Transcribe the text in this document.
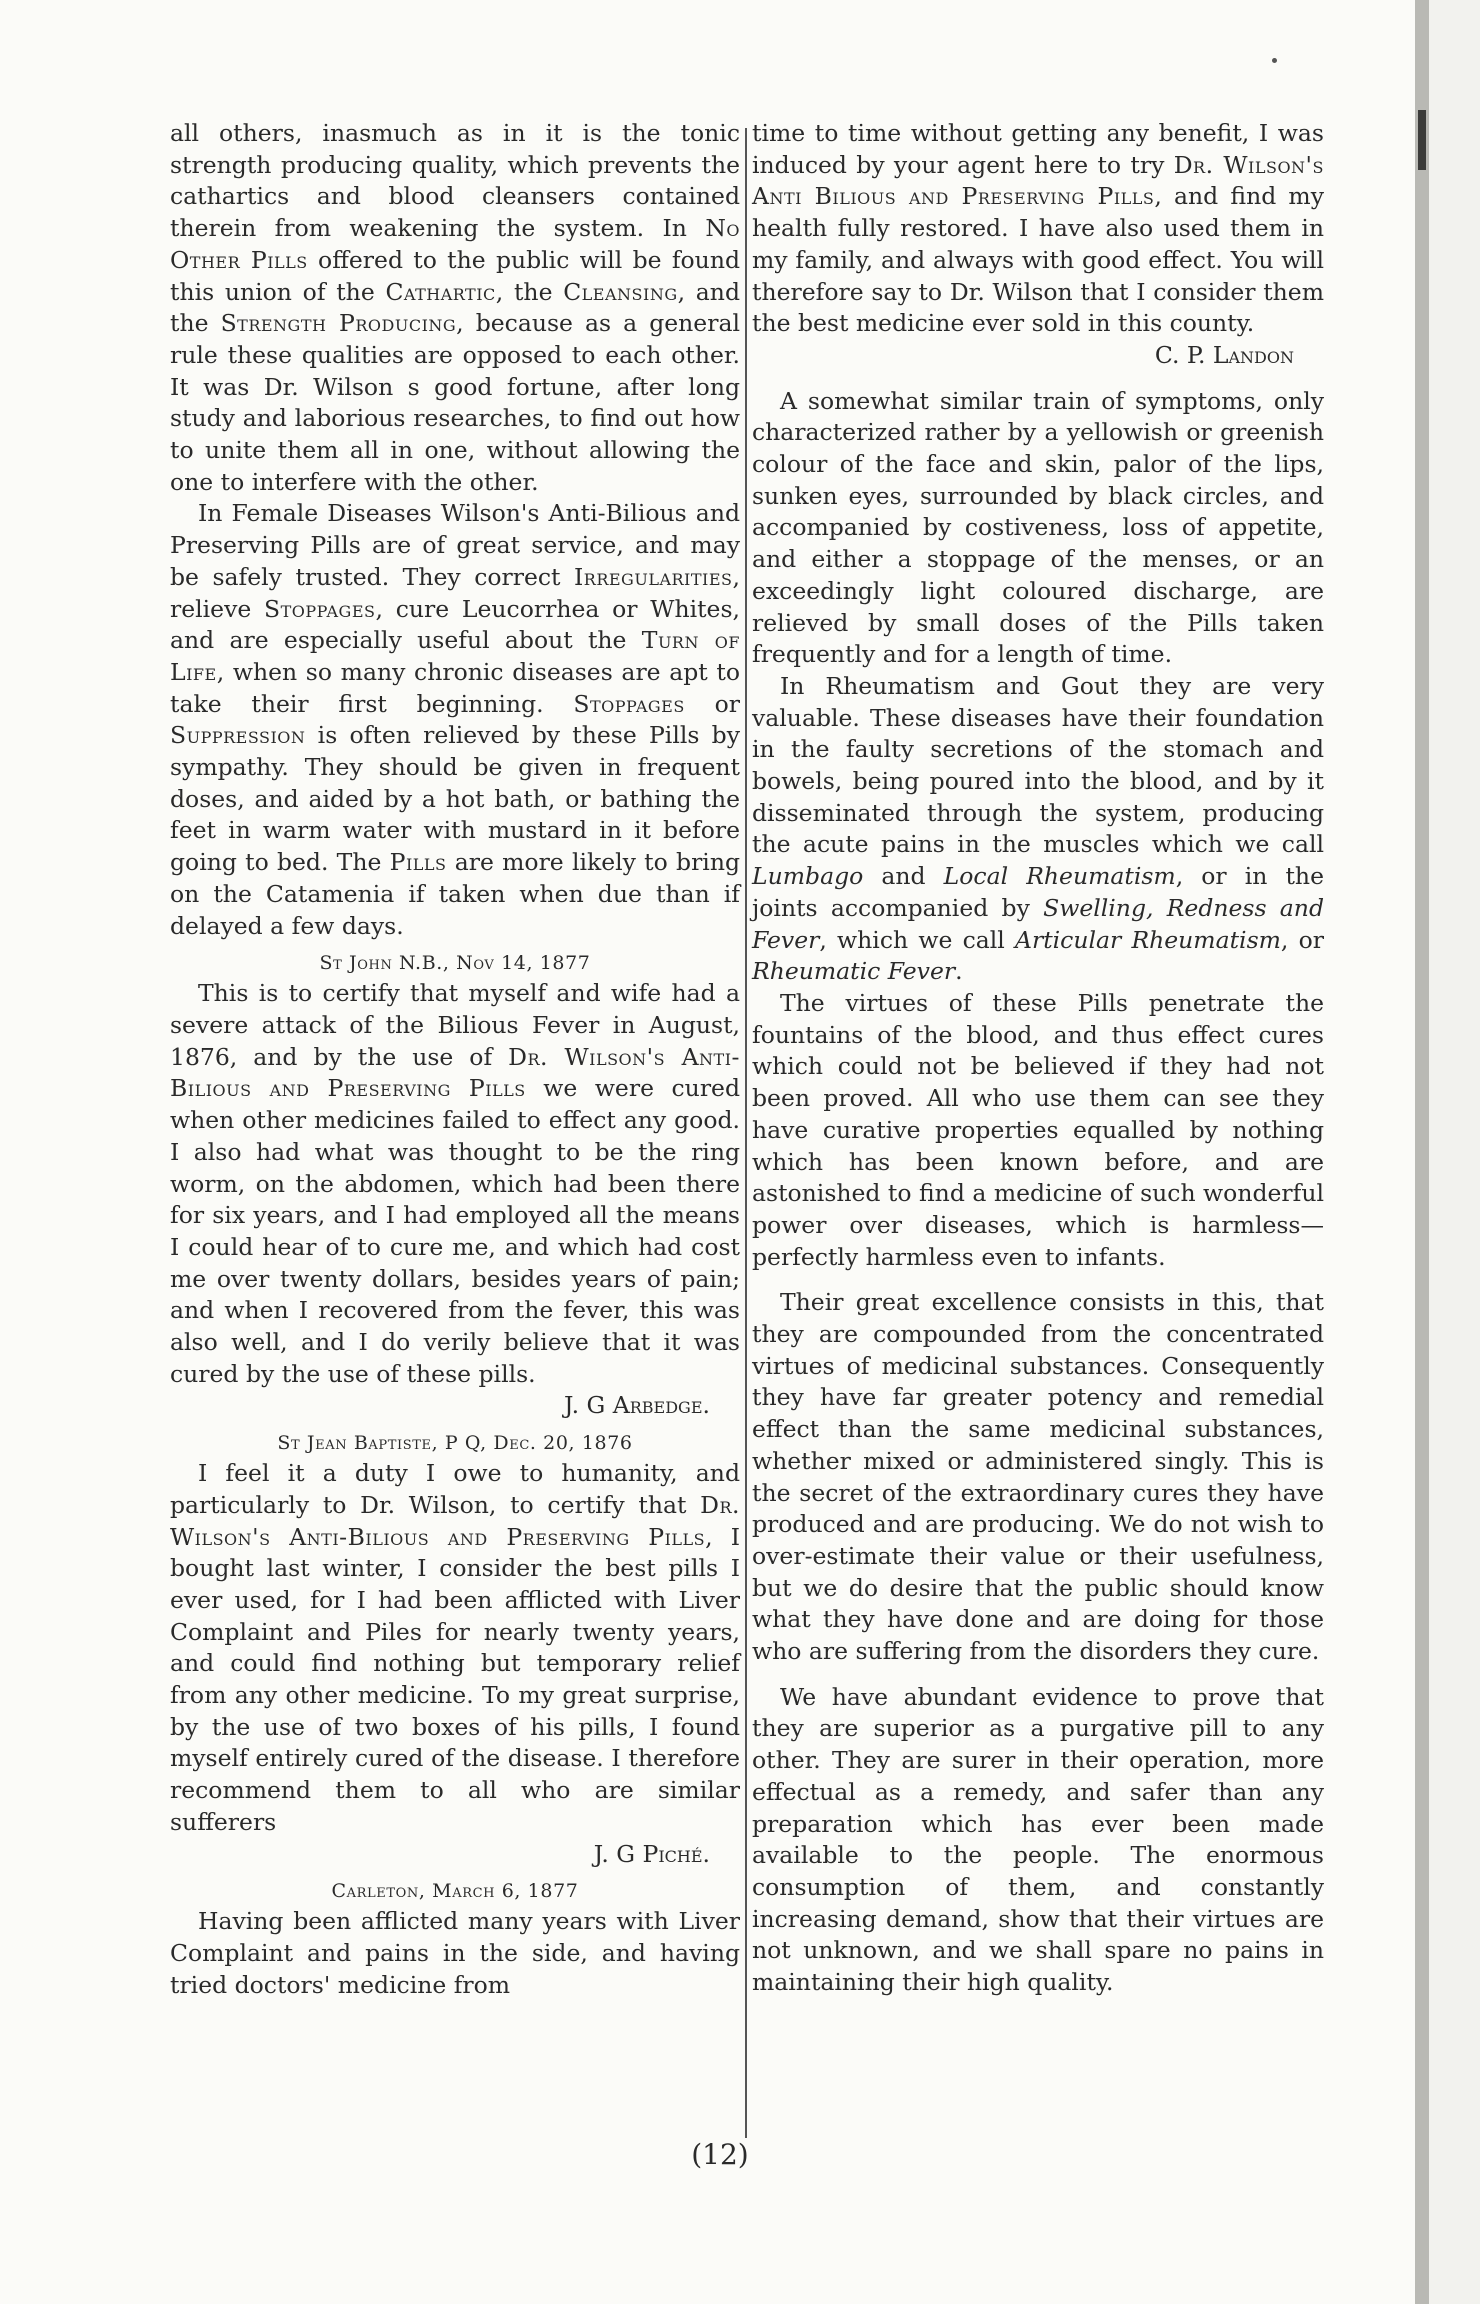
all others, inasmuch as in it is the tonic strength producing quality, which prevents the cathartics and blood cleansers contained therein from weakening the system. In No Other Pills offered to the public will be found this union of the Cathartic, the Cleansing, and the Strength Producing, because as a general rule these qualities are opposed to each other. It was Dr. Wilson s good fortune, after long study and laborious researches, to find out how to unite them all in one, without allowing the one to interfere with the other.

In Female Diseases Wilson's Anti-Bilious and Preserving Pills are of great service, and may be safely trusted. They correct Irregularities, relieve Stoppages, cure Leucorrhea or Whites, and are especially useful about the Turn of Life, when so many chronic diseases are apt to take their first beginning. Stoppages or Suppression is often relieved by these Pills by sympathy. They should be given in frequent doses, and aided by a hot bath, or bathing the feet in warm water with mustard in it before going to bed. The Pills are more likely to bring on the Catamenia if taken when due than if delayed a few days.

St John N.B., Nov 14, 1877

This is to certify that myself and wife had a severe attack of the Bilious Fever in August, 1876, and by the use of Dr. Wilson's Anti-Bilious and Preserving Pills we were cured when other medicines failed to effect any good. I also had what was thought to be the ring worm, on the abdomen, which had been there for six years, and I had employed all the means I could hear of to cure me, and which had cost me over twenty dollars, besides years of pain; and when I recovered from the fever, this was also well, and I do verily believe that it was cured by the use of these pills.
J. G Arbedge.

St Jean Baptiste, P Q, Dec. 20, 1876

I feel it a duty I owe to humanity, and particularly to Dr. Wilson, to certify that Dr. Wilson's Anti-Bilious and Preserving Pills, I bought last winter, I consider the best pills I ever used, for I had been afflicted with Liver Complaint and Piles for nearly twenty years, and could find nothing but temporary relief from any other medicine. To my great surprise, by the use of two boxes of his pills, I found myself entirely cured of the disease. I therefore recommend them to all who are similar sufferers
J. G Piché.

Carleton, March 6, 1877

Having been afflicted many years with Liver Complaint and pains in the side, and having tried doctors' medicine from

time to time without getting any benefit, I was induced by your agent here to try Dr. Wilson's Anti Bilious and Preserving Pills, and find my health fully restored. I have also used them in my family, and always with good effect. You will therefore say to Dr. Wilson that I consider them the best medicine ever sold in this county.
C. P. Landon

A somewhat similar train of symptoms, only characterized rather by a yellowish or greenish colour of the face and skin, palor of the lips, sunken eyes, surrounded by black circles, and accompanied by costiveness, loss of appetite, and either a stoppage of the menses, or an exceedingly light coloured discharge, are relieved by small doses of the Pills taken frequently and for a length of time.

In Rheumatism and Gout they are very valuable. These diseases have their foundation in the faulty secretions of the stomach and bowels, being poured into the blood, and by it disseminated through the system, producing the acute pains in the muscles which we call Lumbago and Local Rheumatism, or in the joints accompanied by Swelling, Redness and Fever, which we call Articular Rheumatism, or Rheumatic Fever.

The virtues of these Pills penetrate the fountains of the blood, and thus effect cures which could not be believed if they had not been proved. All who use them can see they have curative properties equalled by nothing which has been known before, and are astonished to find a medicine of such wonderful power over diseases, which is harmless—perfectly harmless even to infants.

Their great excellence consists in this, that they are compounded from the concentrated virtues of medicinal substances. Consequently they have far greater potency and remedial effect than the same medicinal substances, whether mixed or administered singly. This is the secret of the extraordinary cures they have produced and are producing. We do not wish to over-estimate their value or their usefulness, but we do desire that the public should know what they have done and are doing for those who are suffering from the disorders they cure.

We have abundant evidence to prove that they are superior as a purgative pill to any other. They are surer in their operation, more effectual as a remedy, and safer than any preparation which has ever been made available to the people. The enormous consumption of them, and constantly increasing demand, show that their virtues are not unknown, and we shall spare no pains in maintaining their high quality.

(12)
